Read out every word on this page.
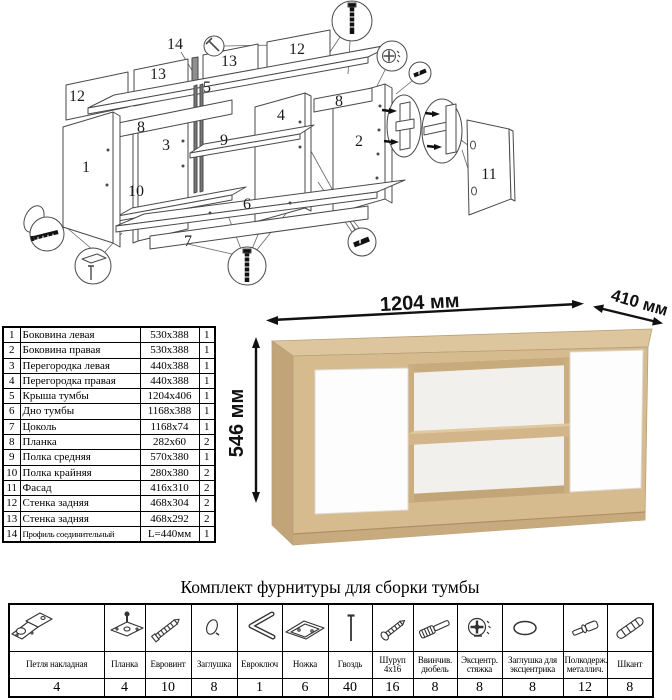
12
13
14
13
12
5
8
3	9
4
8
2
1
10
6
7
11
1	Боковина левая	530x388	1
2	Боковина правая	530x388	1
3	Перегородка левая	440x388	1
4	Перегородка правая	440x388	1
5	Крыша тумбы	1204x406	1
6	Дно тумбы	1168x388	1
7	Цоколь	1168x74	1
8	Планка	282x60	2
9	Полка средняя	570x380	1
10	Полка крайняя	280x380	2
11	Фасад	416x310	2
12	Стенка задняя	468x304	2
13	Стенка задняя	468x292	2
14	Профиль соединительный	L=440мм	1
1204 мм	410 мм
546 мм
Комплект фурнитуры для сборки тумбы

Петля накладная	Планка	Евровинт	Заглушка	Евроключ	Ножка	Гвоздь	Шуруп 4x16	Ввинчив. дюбель	Эксцентр. стяжка	Заглушка для эксцентрика	Полкодерж. металлич.	Шкант
4	4	10	8	1	6	40	16	8	8	8	12	8
